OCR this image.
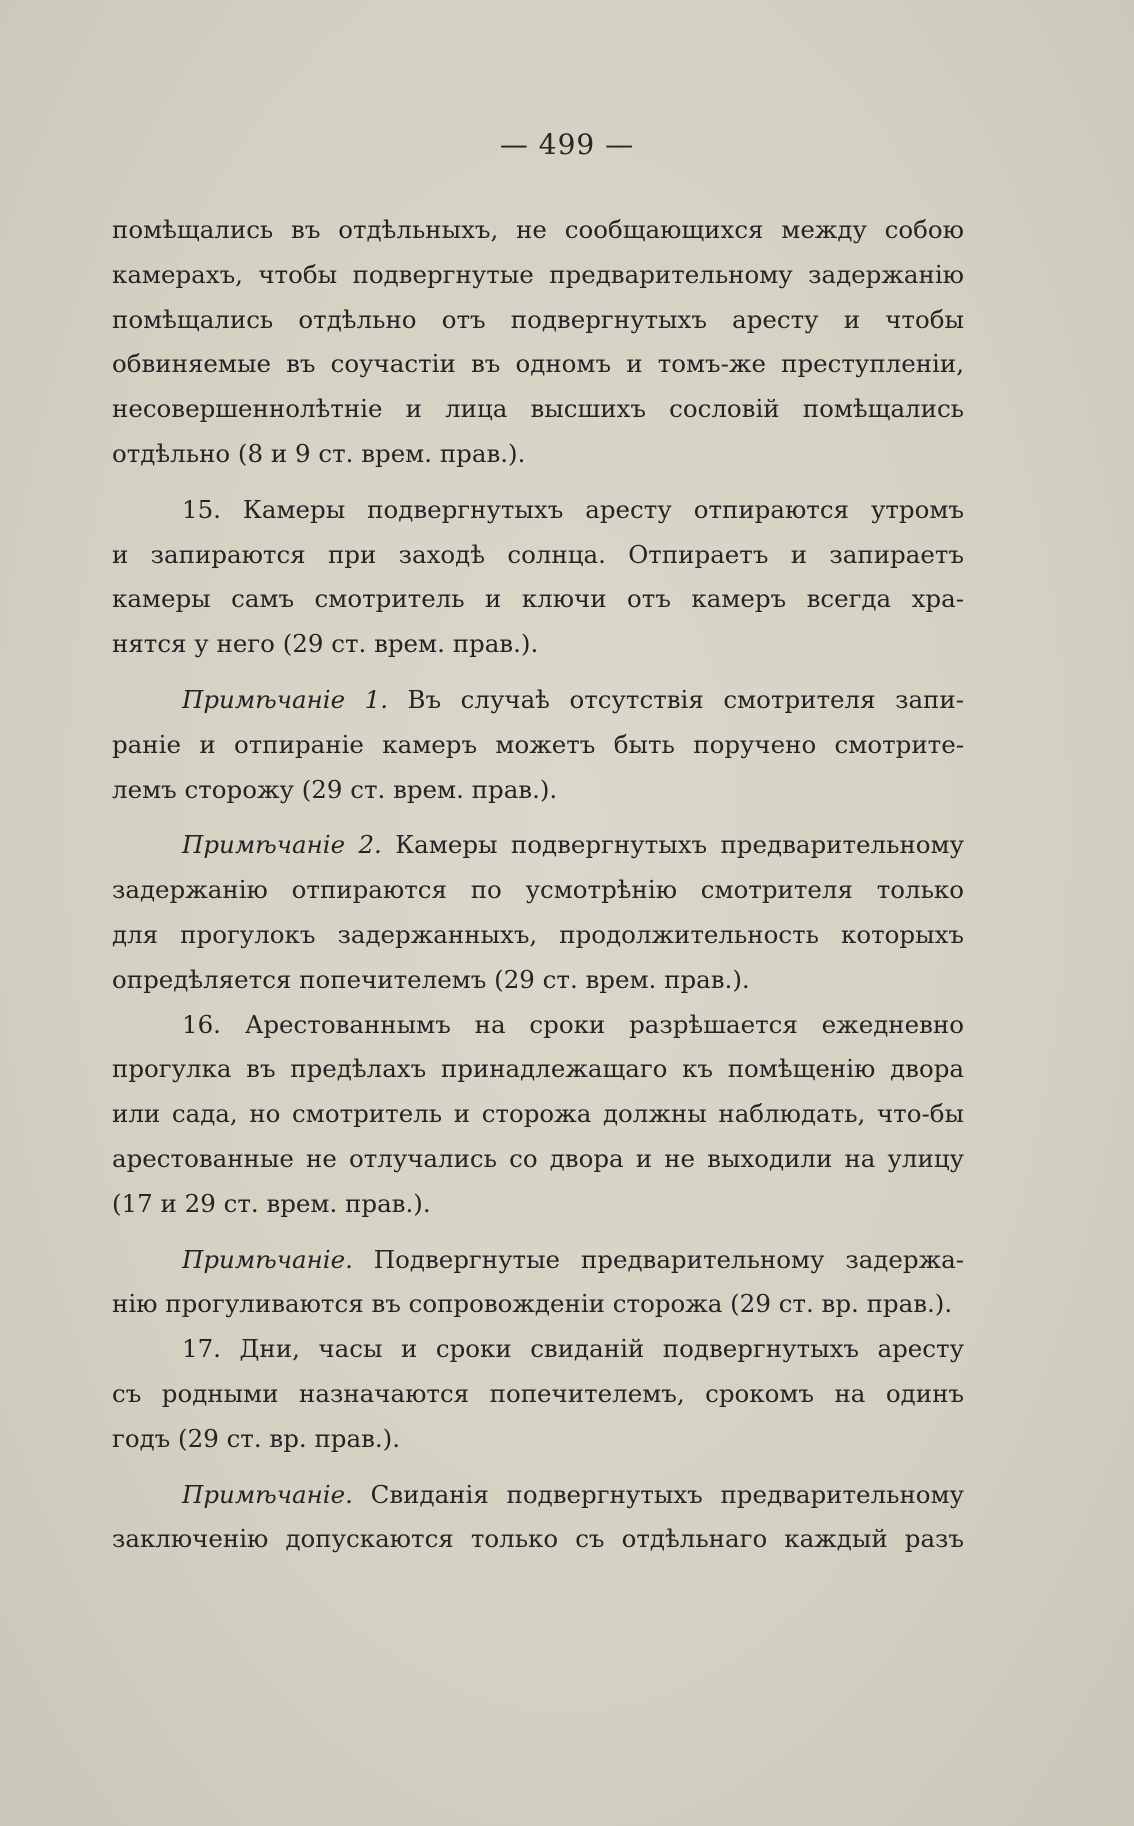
— 499 —
помѣщались въ отдѣльныхъ, не сообщающихся между собою
камерахъ, чтобы подвергнутые предварительному задержанію
помѣщались отдѣльно отъ подвергнутыхъ аресту и чтобы
обвиняемые въ соучастіи въ одномъ и томъ-же преступленіи,
несовершеннолѣтніе и лица высшихъ сословій помѣщались
отдѣльно (8 и 9 ст. врем. прав.).
15. Камеры подвергнутыхъ аресту отпираются утромъ
и запираются при заходѣ солнца. Отпираетъ и запираетъ
камеры самъ смотритель и ключи отъ камеръ всегда хра-
нятся у него (29 ст. врем. прав.).
Примѣчаніе 1. Въ случаѣ отсутствія смотрителя запи-
раніе и отпираніе камеръ можетъ быть поручено смотрите-
лемъ сторожу (29 ст. врем. прав.).
Примѣчаніе 2. Камеры подвергнутыхъ предварительному
задержанію отпираются по усмотрѣнію смотрителя только
для прогулокъ задержанныхъ, продолжительность которыхъ
опредѣляется попечителемъ (29 ст. врем. прав.).
16. Арестованнымъ на сроки разрѣшается ежедневно
прогулка въ предѣлахъ принадлежащаго къ помѣщенію двора
или сада, но смотритель и сторожа должны наблюдать, что-бы
арестованные не отлучались со двора и не выходили на улицу
(17 и 29 ст. врем. прав.).
Примѣчаніе. Подвергнутые предварительному задержа-
нію прогуливаются въ сопровожденіи сторожа (29 ст. вр. прав.).
17. Дни, часы и сроки свиданій подвергнутыхъ аресту
съ родными назначаются попечителемъ, срокомъ на одинъ
годъ (29 ст. вр. прав.).
Примѣчаніе. Свиданія подвергнутыхъ предварительному
заключенію допускаются только съ отдѣльнаго каждый разъ
